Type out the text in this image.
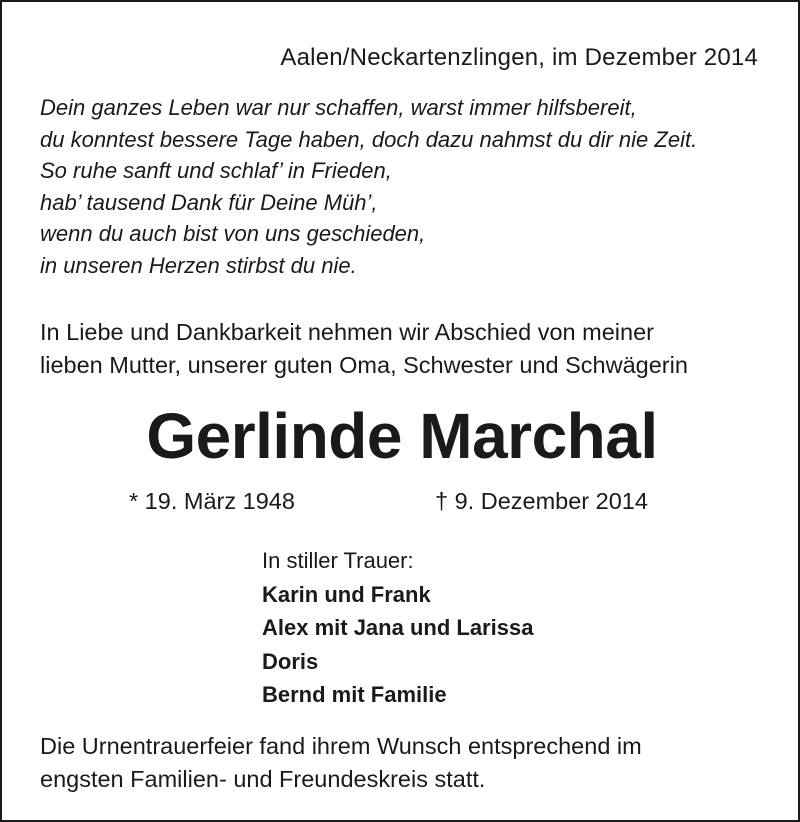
Aalen/Neckartenzlingen, im Dezember 2014
Dein ganzes Leben war nur schaffen, warst immer hilfsbereit,
du konntest bessere Tage haben, doch dazu nahmst du dir nie Zeit.
So ruhe sanft und schlaf’ in Frieden,
hab’ tausend Dank für Deine Müh’,
wenn du auch bist von uns geschieden,
in unseren Herzen stirbst du nie.
In Liebe und Dankbarkeit nehmen wir Abschied von meiner
lieben Mutter, unserer guten Oma, Schwester und Schwägerin
Gerlinde Marchal
* 19. März 1948	† 9. Dezember 2014
In stiller Trauer:
Karin und Frank
Alex mit Jana und Larissa
Doris
Bernd mit Familie
Die Urnentrauerfeier fand ihrem Wunsch entsprechend im
engsten Familien- und Freundeskreis statt.
